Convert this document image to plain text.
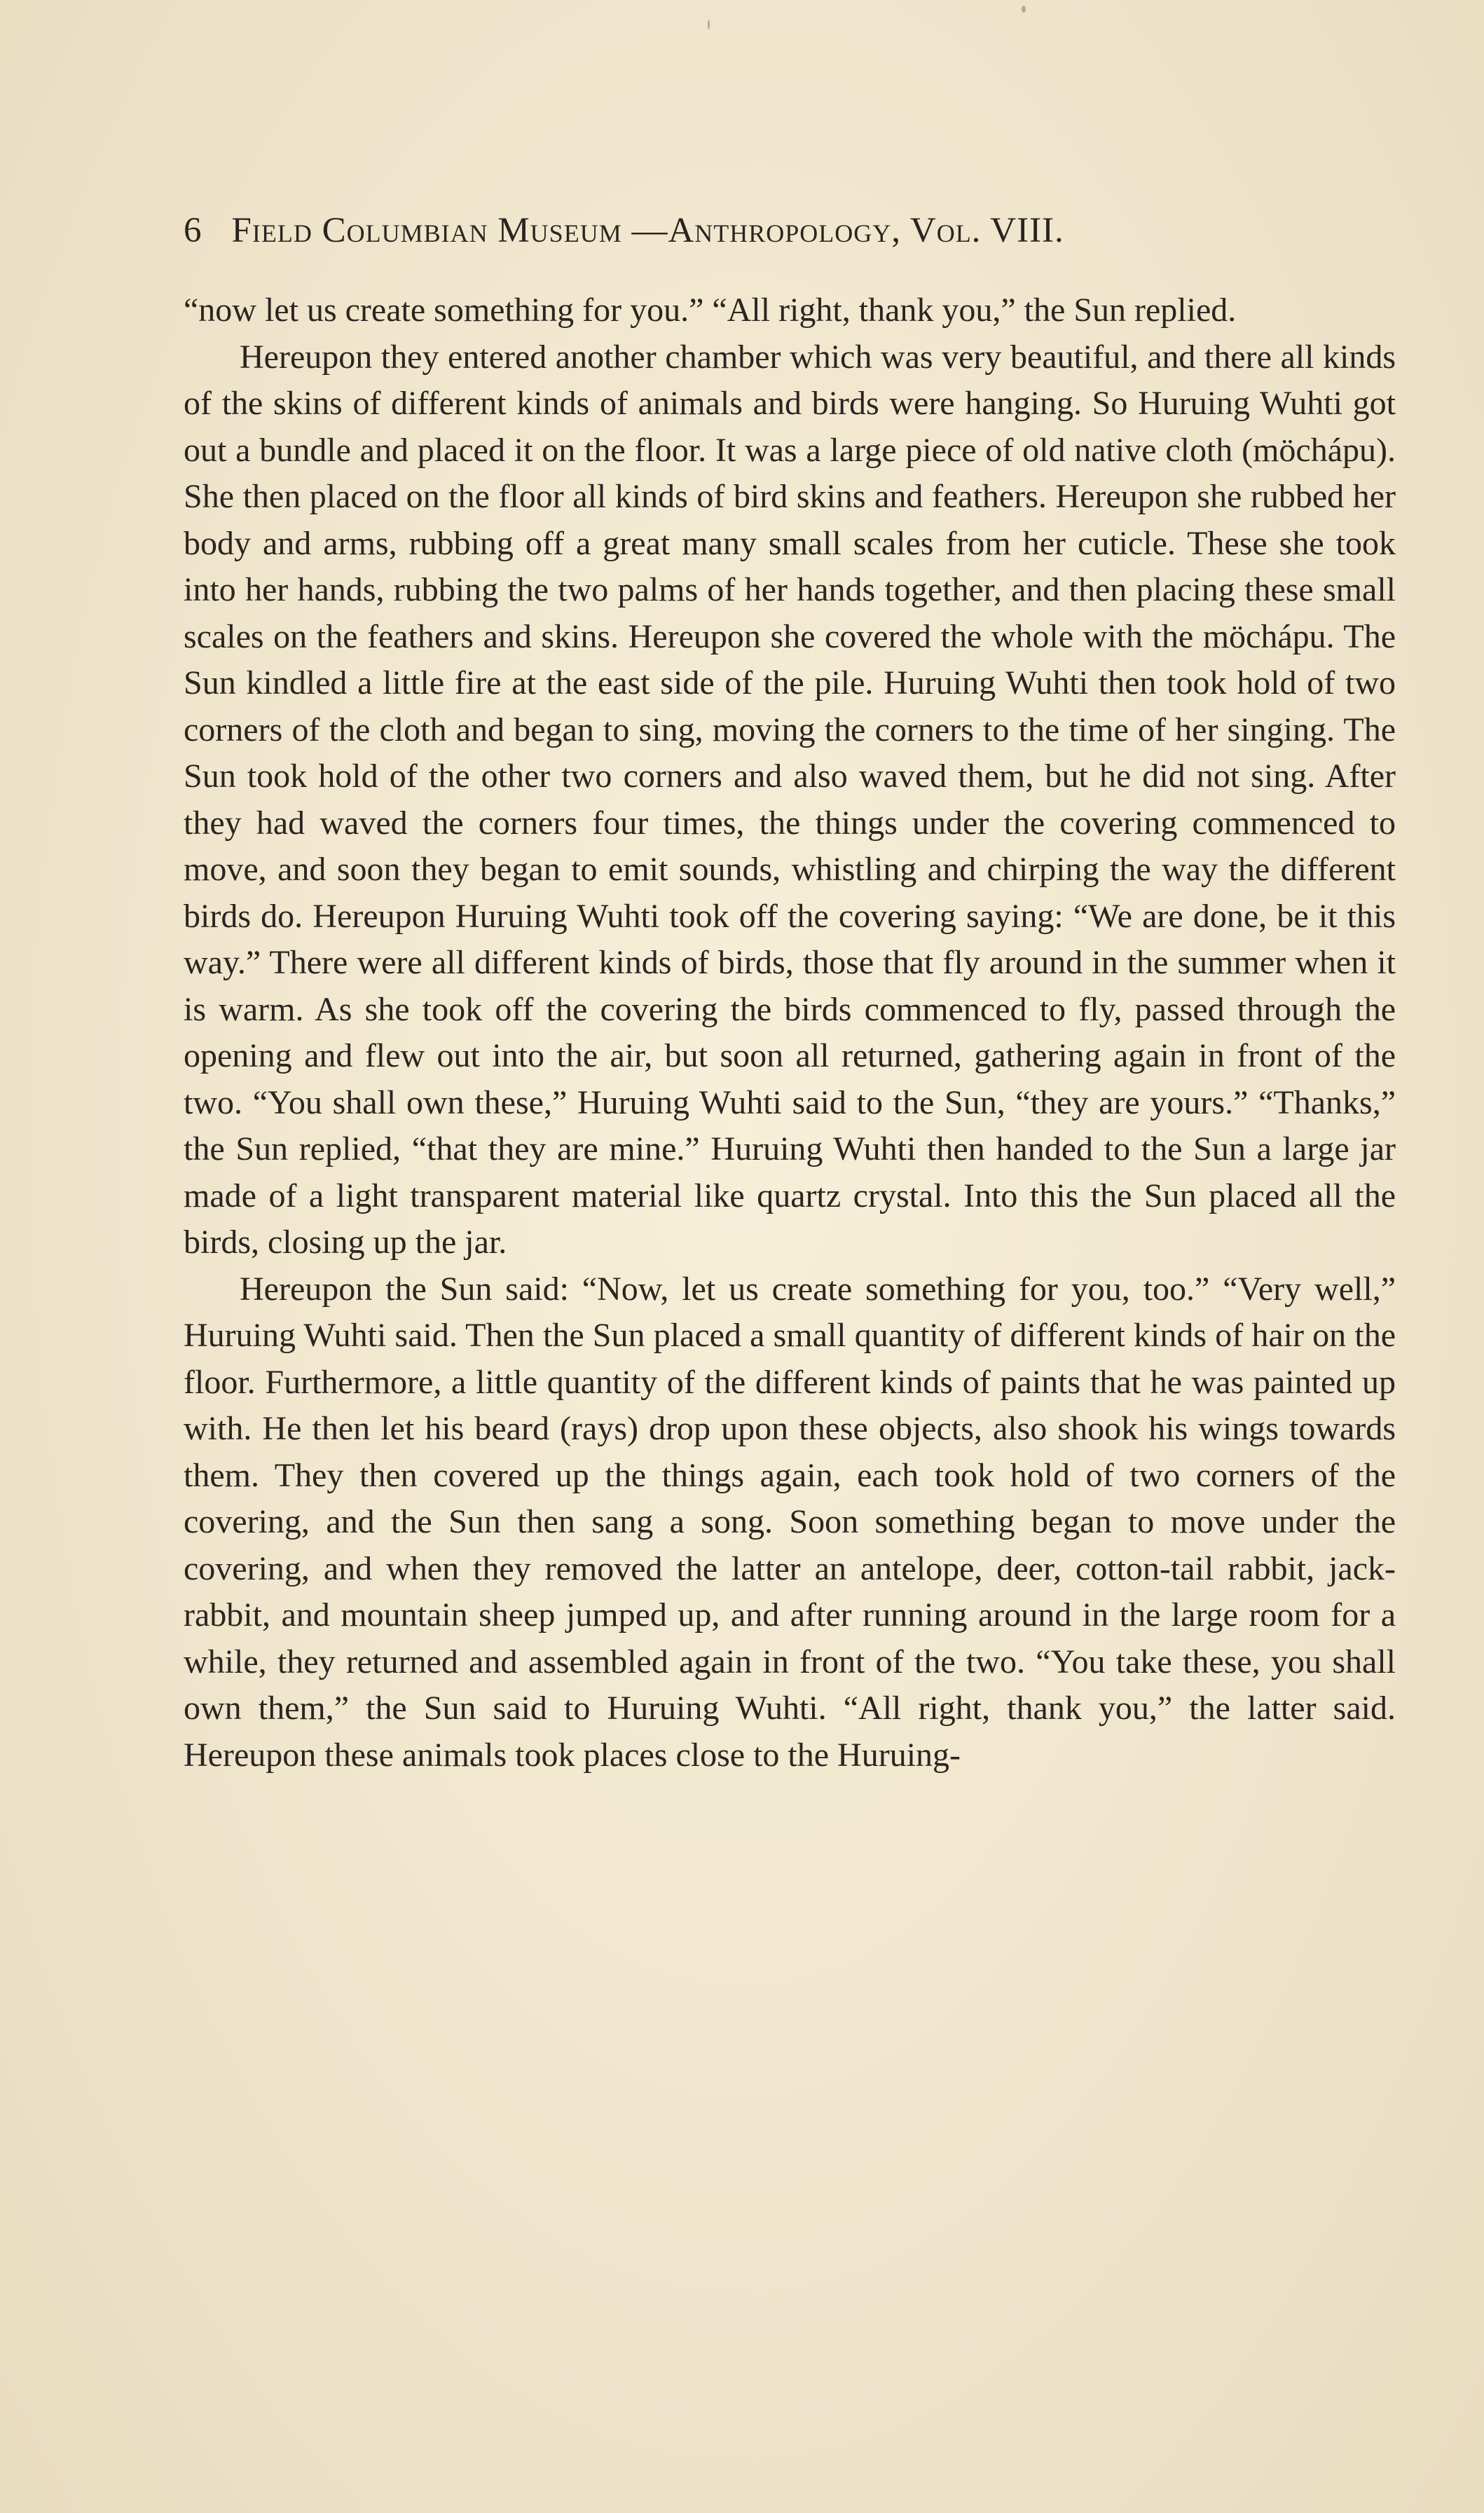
6 Field Columbian Museum —Anthropology, Vol. VIII.

“now let us create something for you.” “All right, thank you,” the Sun replied.

Hereupon they entered another chamber which was very beautiful, and there all kinds of the skins of different kinds of animals and birds were hanging. So Huruing Wuhti got out a bundle and placed it on the floor. It was a large piece of old native cloth (möchápu). She then placed on the floor all kinds of bird skins and feathers. Hereupon she rubbed her body and arms, rubbing off a great many small scales from her cuticle. These she took into her hands, rubbing the two palms of her hands together, and then placing these small scales on the feathers and skins. Hereupon she covered the whole with the möchápu. The Sun kindled a little fire at the east side of the pile. Huruing Wuhti then took hold of two corners of the cloth and began to sing, moving the corners to the time of her singing. The Sun took hold of the other two corners and also waved them, but he did not sing. After they had waved the corners four times, the things under the covering commenced to move, and soon they began to emit sounds, whistling and chirping the way the different birds do. Hereupon Huruing Wuhti took off the covering saying: “We are done, be it this way.” There were all different kinds of birds, those that fly around in the summer when it is warm. As she took off the covering the birds commenced to fly, passed through the opening and flew out into the air, but soon all returned, gathering again in front of the two. “You shall own these,” Huruing Wuhti said to the Sun, “they are yours.” “Thanks,” the Sun replied, “that they are mine.” Huruing Wuhti then handed to the Sun a large jar made of a light transparent material like quartz crystal. Into this the Sun placed all the birds, closing up the jar.

Hereupon the Sun said: “Now, let us create something for you, too.” “Very well,” Huruing Wuhti said. Then the Sun placed a small quantity of different kinds of hair on the floor. Furthermore, a little quantity of the different kinds of paints that he was painted up with. He then let his beard (rays) drop upon these objects, also shook his wings towards them. They then covered up the things again, each took hold of two corners of the covering, and the Sun then sang a song. Soon something began to move under the covering, and when they removed the latter an antelope, deer, cotton-tail rabbit, jack-rabbit, and mountain sheep jumped up, and after running around in the large room for a while, they returned and assembled again in front of the two. “You take these, you shall own them,” the Sun said to Huruing Wuhti. “All right, thank you,” the latter said. Hereupon these animals took places close to the Huruing-
